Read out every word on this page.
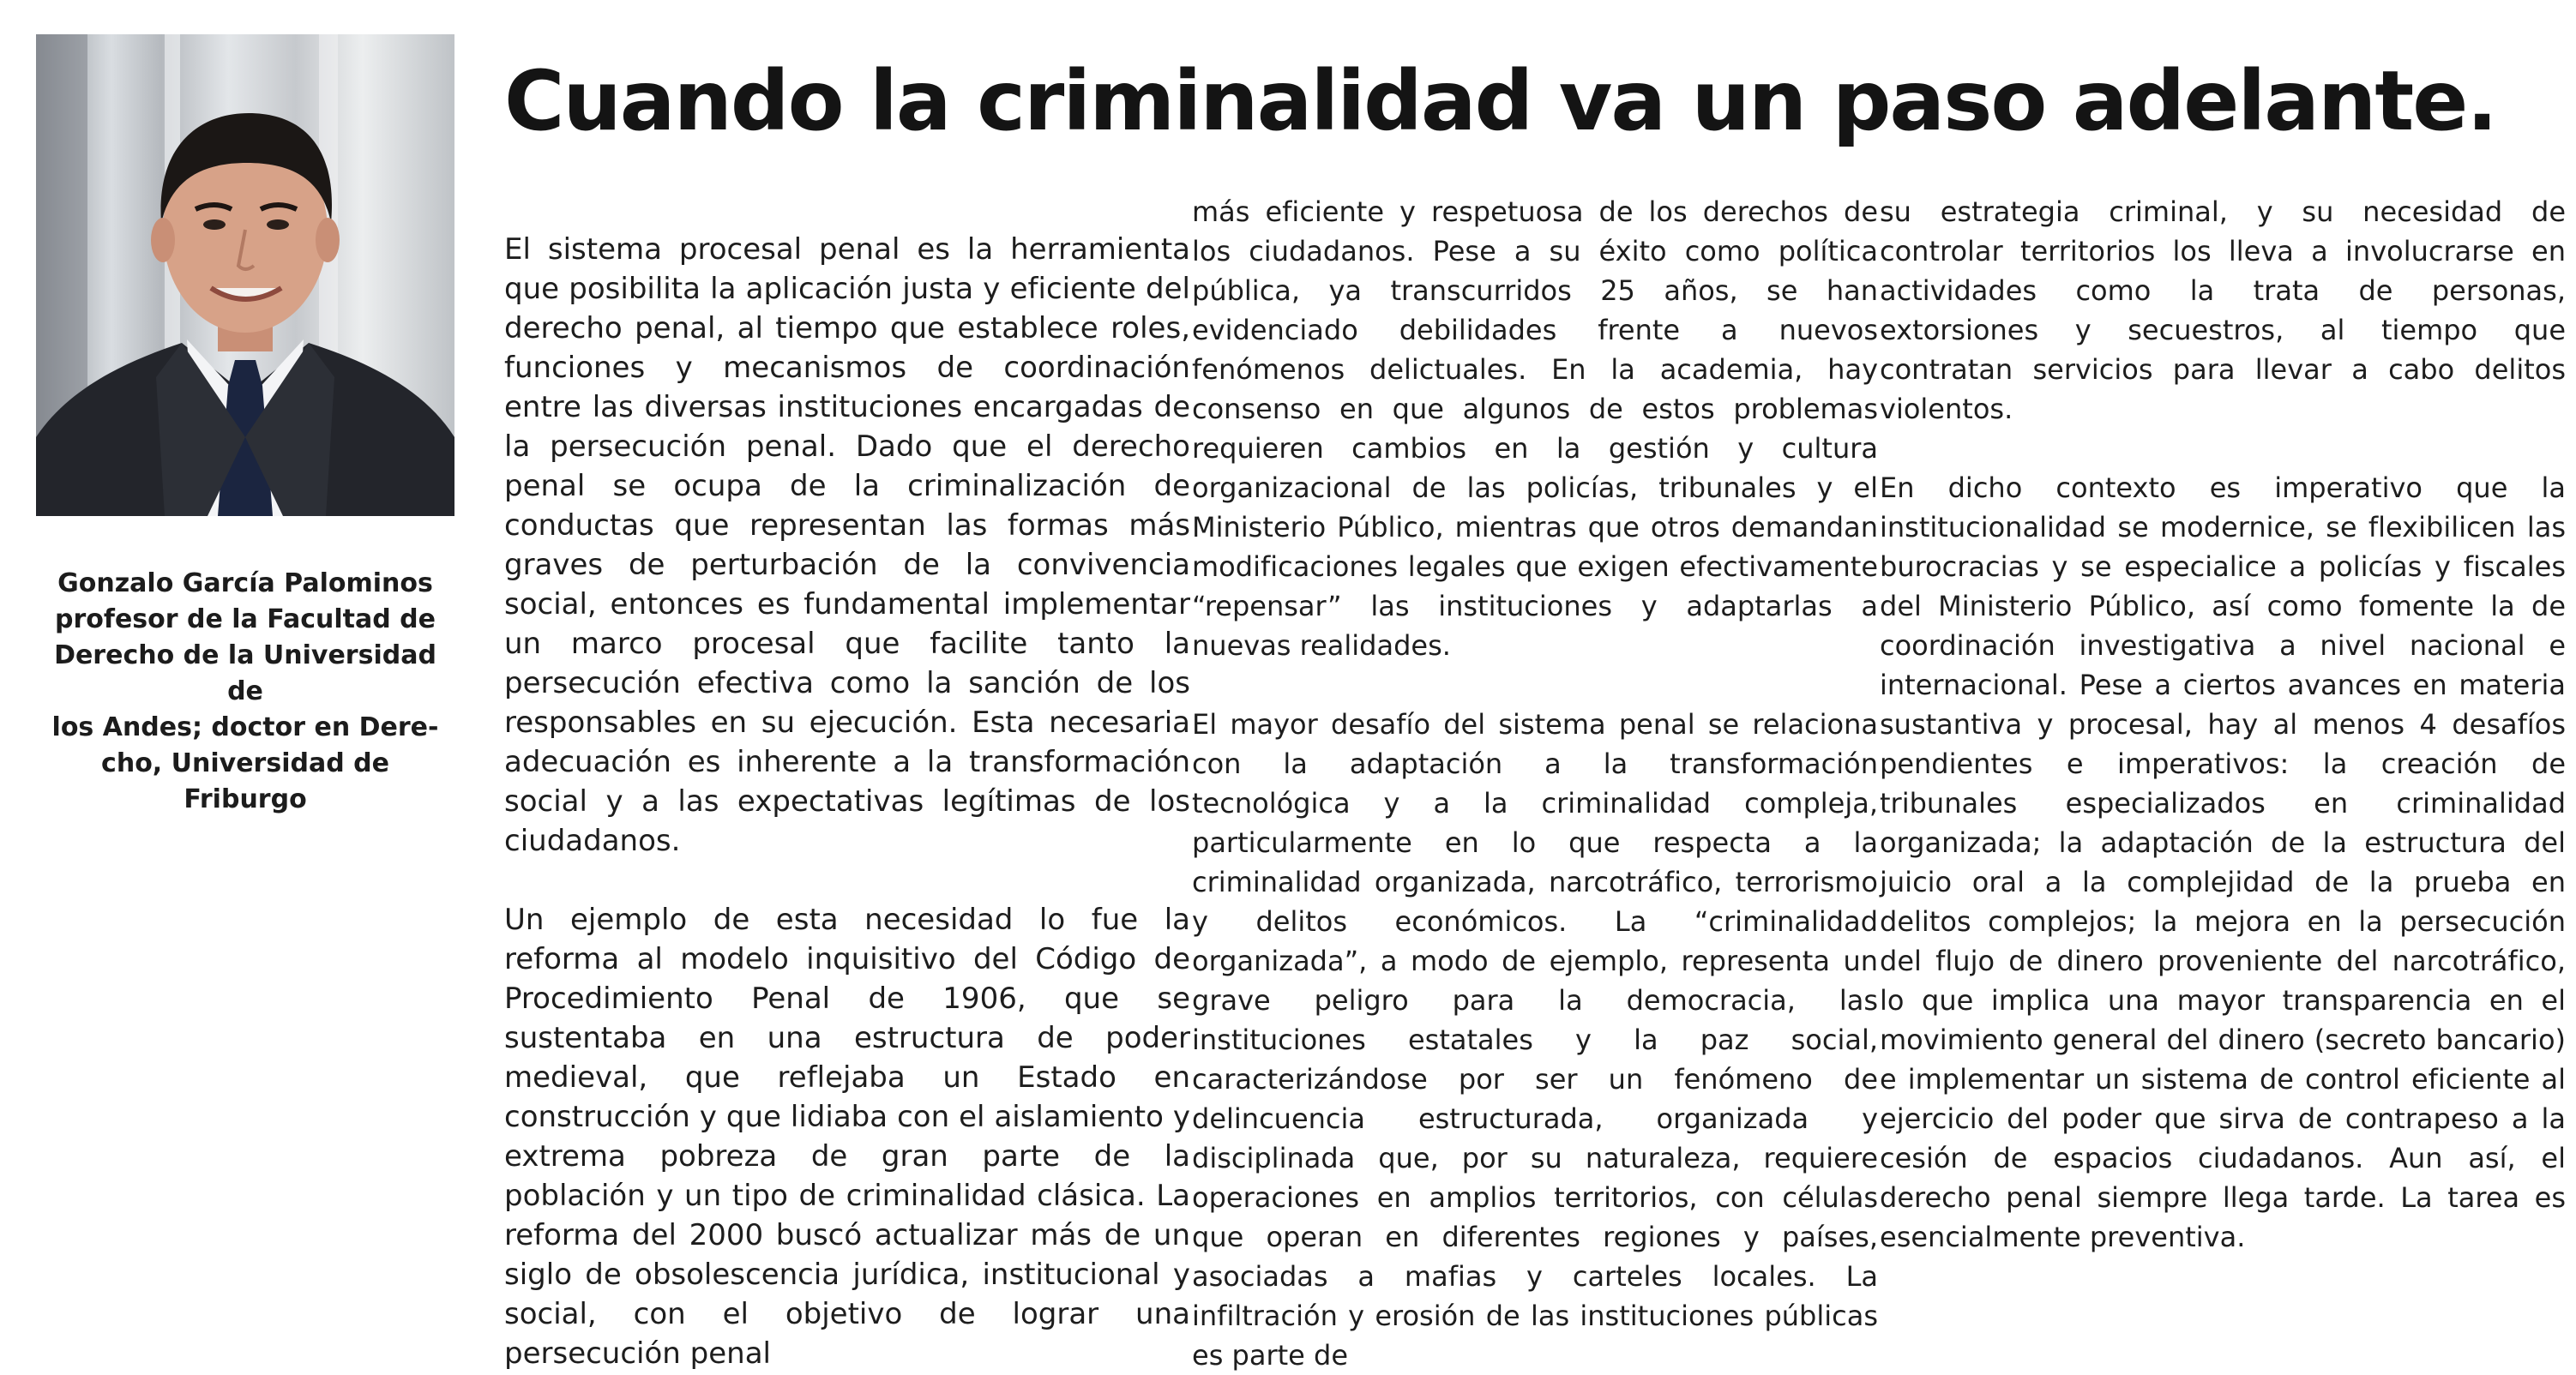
Gonzalo García Palominos
profesor de la Facultad de
Derecho de la Universidad de
los Andes; doctor en Dere-
cho, Universidad de Friburgo
Cuando la criminalidad va un paso adelante.

El sistema procesal penal es la herramienta que posibilita la aplicación justa y eficiente del derecho penal, al tiempo que establece roles, funciones y mecanismos de coordinación entre las diversas instituciones encargadas de la persecución penal. Dado que el derecho penal se ocupa de la criminalización de conductas que representan las formas más graves de perturbación de la convivencia social, entonces es fundamental implementar un marco procesal que facilite tanto la persecución efectiva como la sanción de los responsables en su ejecución. Esta necesaria adecuación es inherente a la transformación social y a las expectativas legítimas de los ciudadanos.

Un ejemplo de esta necesidad lo fue la reforma al modelo inquisitivo del Código de Procedimiento Penal de 1906, que se sustentaba en una estructura de poder medieval, que reflejaba un Estado en construcción y que lidiaba con el aislamiento y extrema pobreza de gran parte de la población y un tipo de criminalidad clásica. La reforma del 2000 buscó actualizar más de un siglo de obsolescencia jurídica, institucional y social, con el objetivo de lograr una persecución penal

más eficiente y respetuosa de los derechos de los ciudadanos. Pese a su éxito como política pública, ya transcurridos 25 años, se han evidenciado debilidades frente a nuevos fenómenos delictuales. En la academia, hay consenso en que algunos de estos problemas requieren cambios en la gestión y cultura organizacional de las policías, tribunales y el Ministerio Público, mientras que otros demandan modificaciones legales que exigen efectivamente “repensar” las instituciones y adaptarlas a nuevas realidades.

El mayor desafío del sistema penal se relaciona con la adaptación a la transformación tecnológica y a la criminalidad compleja, particularmente en lo que respecta a la criminalidad organizada, narcotráfico, terrorismo y delitos económicos. La “criminalidad organizada”, a modo de ejemplo, representa un grave peligro para la democracia, las instituciones estatales y la paz social, caracterizándose por ser un fenómeno de delincuencia estructurada, organizada y disciplinada que, por su naturaleza, requiere operaciones en amplios territorios, con células que operan en diferentes regiones y países, asociadas a mafias y carteles locales. La infiltración y erosión de las instituciones públicas es parte de

su estrategia criminal, y su necesidad de controlar territorios los lleva a involucrarse en actividades como la trata de personas, extorsiones y secuestros, al tiempo que contratan servicios para llevar a cabo delitos violentos.

En dicho contexto es imperativo que la institucionalidad se modernice, se flexibilicen las burocracias y se especialice a policías y fiscales del Ministerio Público, así como fomente la de coordinación investigativa a nivel nacional e internacional. Pese a ciertos avances en materia sustantiva y procesal, hay al menos 4 desafíos pendientes e imperativos: la creación de tribunales especializados en criminalidad organizada; la adaptación de la estructura del juicio oral a la complejidad de la prueba en delitos complejos; la mejora en la persecución del flujo de dinero proveniente del narcotráfico, lo que implica una mayor transparencia en el movimiento general del dinero (secreto bancario) e implementar un sistema de control eficiente al ejercicio del poder que sirva de contrapeso a la cesión de espacios ciudadanos. Aun así, el derecho penal siempre llega tarde. La tarea es esencialmente preventiva.
